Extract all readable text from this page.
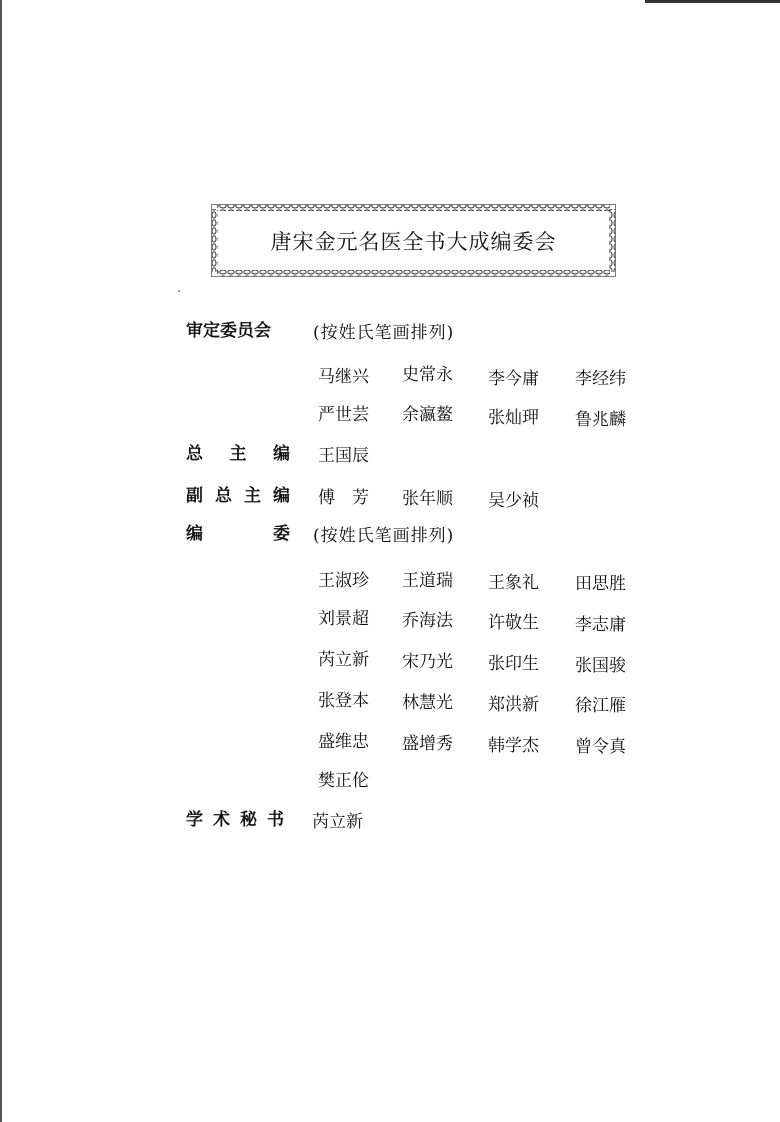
唐宋金元名医全书大成编委会
审定委员会 (按姓氏笔画排列)
马继兴 史常永 李今庸 李经纬
严世芸 余瀛鳌 张灿玾 鲁兆麟
总 主 编 王国辰
副 总 主 编 傅　芳 张年顺 吴少祯
编	委 (按姓氏笔画排列)
王淑珍 王道瑞 王象礼 田思胜
刘景超 乔海法 许敬生 李志庸
芮立新 宋乃光 张印生 张国骏
张登本 林慧光 郑洪新 徐江雁
盛维忠 盛增秀 韩学杰 曾令真
樊正伦
学 术 秘 书 芮立新
